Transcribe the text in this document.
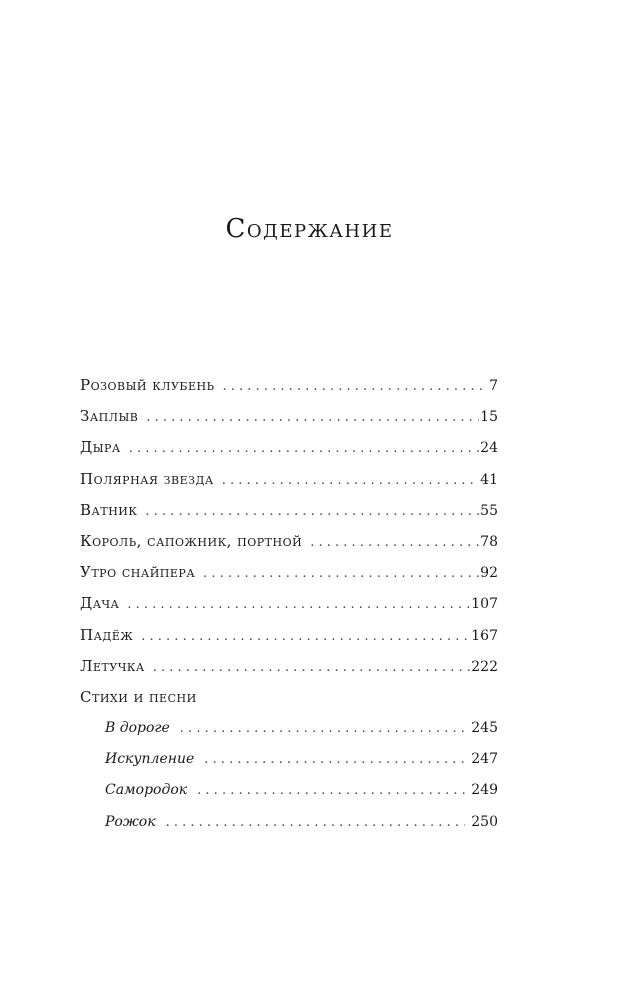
Содержание
Розовый клубень . . .	7
Заплыв . . .	15
Дыра . . .	24
Полярная звезда . . .	41
Ватник . . .	55
Король, сапожник, портной . . .	78
Утро снайпера . . .	92
Дача . . .	107
Падёж . . .	167
Летучка . . .	222
Стихи и песни
В дороге . . .	245
Искупление . . .	247
Самородок . . .	249
Рожок . . .	250
